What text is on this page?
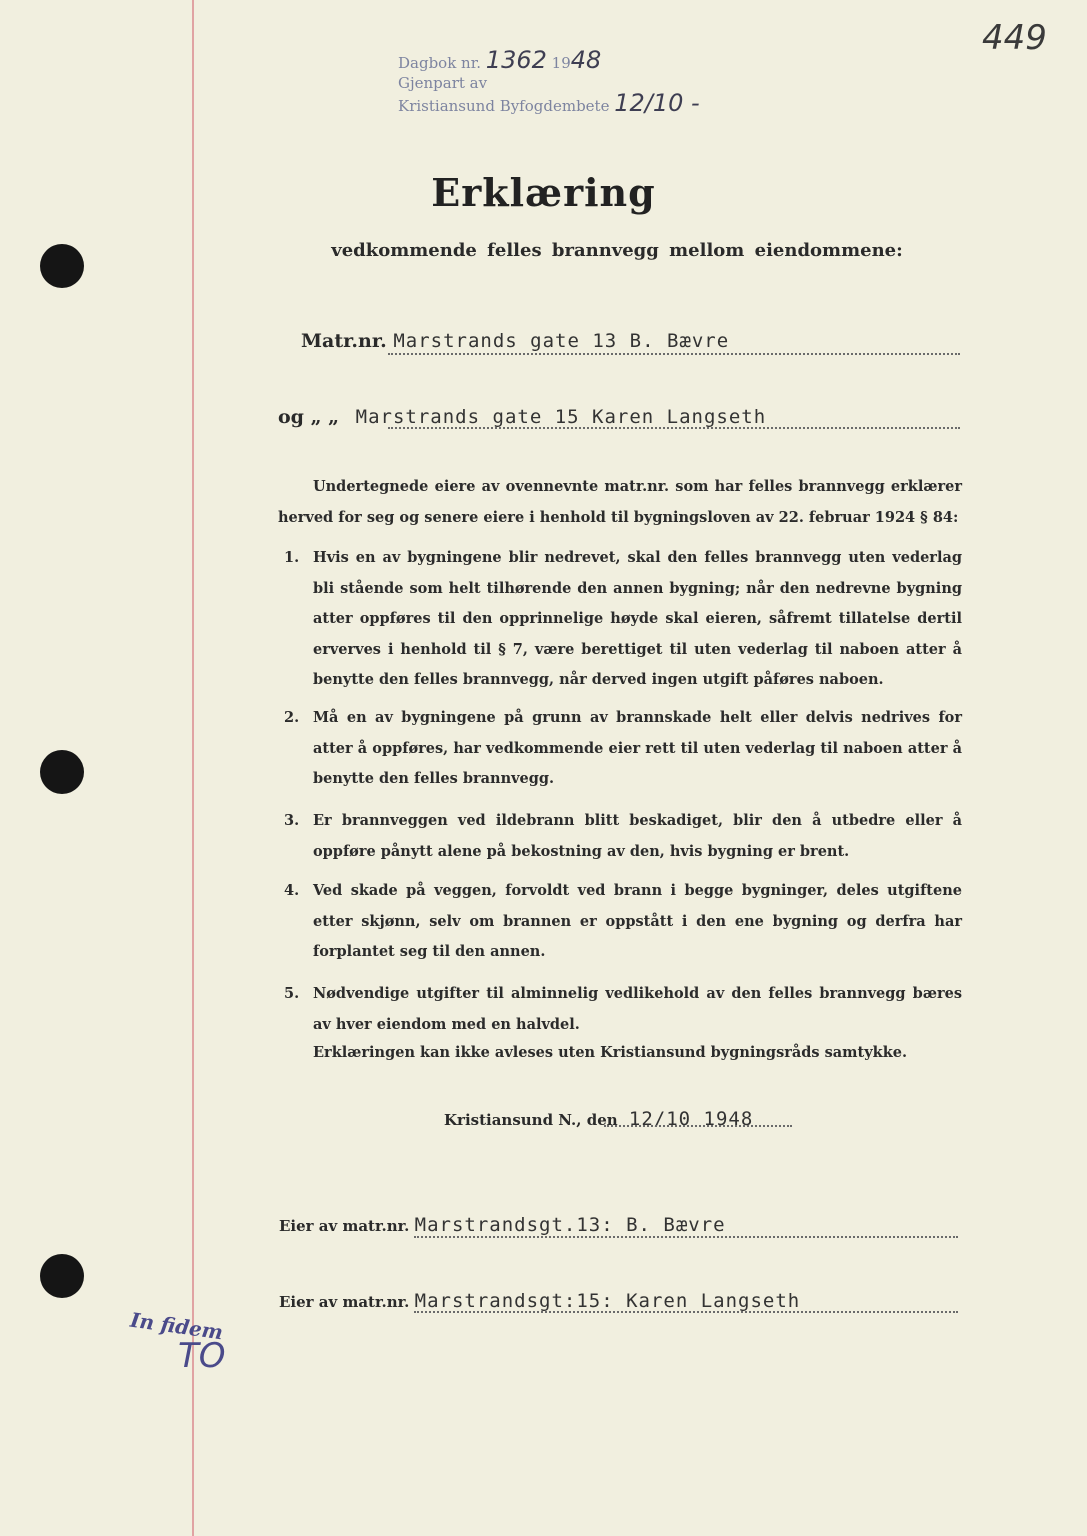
449
Dagbok nr. 1362 1948
Gjenpart av
Kristiansund Byfogdembete 12/10 -
Erklæring
vedkommende felles brannvegg mellom eiendommene:
Matr.nr. Marstrands gate 13 B. Bævre
og „ „ Marstrands gate 15 Karen Langseth
Undertegnede eiere av ovennevnte matr.nr. som har felles brannvegg erklærer herved for seg og senere eiere i henhold til bygningsloven av 22. februar 1924 § 84:
1. Hvis en av bygningene blir nedrevet, skal den felles brannvegg uten vederlag bli stående som helt tilhørende den annen bygning; når den nedrevne bygning atter oppføres til den opprinnelige høyde skal eieren, såfremt tillatelse dertil erverves i henhold til § 7, være berettiget til uten vederlag til naboen atter å benytte den felles brannvegg, når derved ingen utgift påføres naboen.
2. Må en av bygningene på grunn av brannskade helt eller delvis nedrives for atter å oppføres, har vedkommende eier rett til uten vederlag til naboen atter å benytte den felles brannvegg.
3. Er brannveggen ved ildebrann blitt beskadiget, blir den å utbedre eller å oppføre pånytt alene på bekostning av den, hvis bygning er brent.
4. Ved skade på veggen, forvoldt ved brann i begge bygninger, deles utgiftene etter skjønn, selv om brannen er oppstått i den ene bygning og derfra har forplantet seg til den annen.
5. Nødvendige utgifter til alminnelig vedlikehold av den felles brannvegg bæres av hver eiendom med en halvdel.
Erklæringen kan ikke avleses uten Kristiansund bygningsråds samtykke.
Kristiansund N., den 12/10 1948
Eier av matr.nr. Marstrandsgt.13: B. Bævre
Eier av matr.nr. Marstrandsgt:15: Karen Langseth
In fidem
TO
